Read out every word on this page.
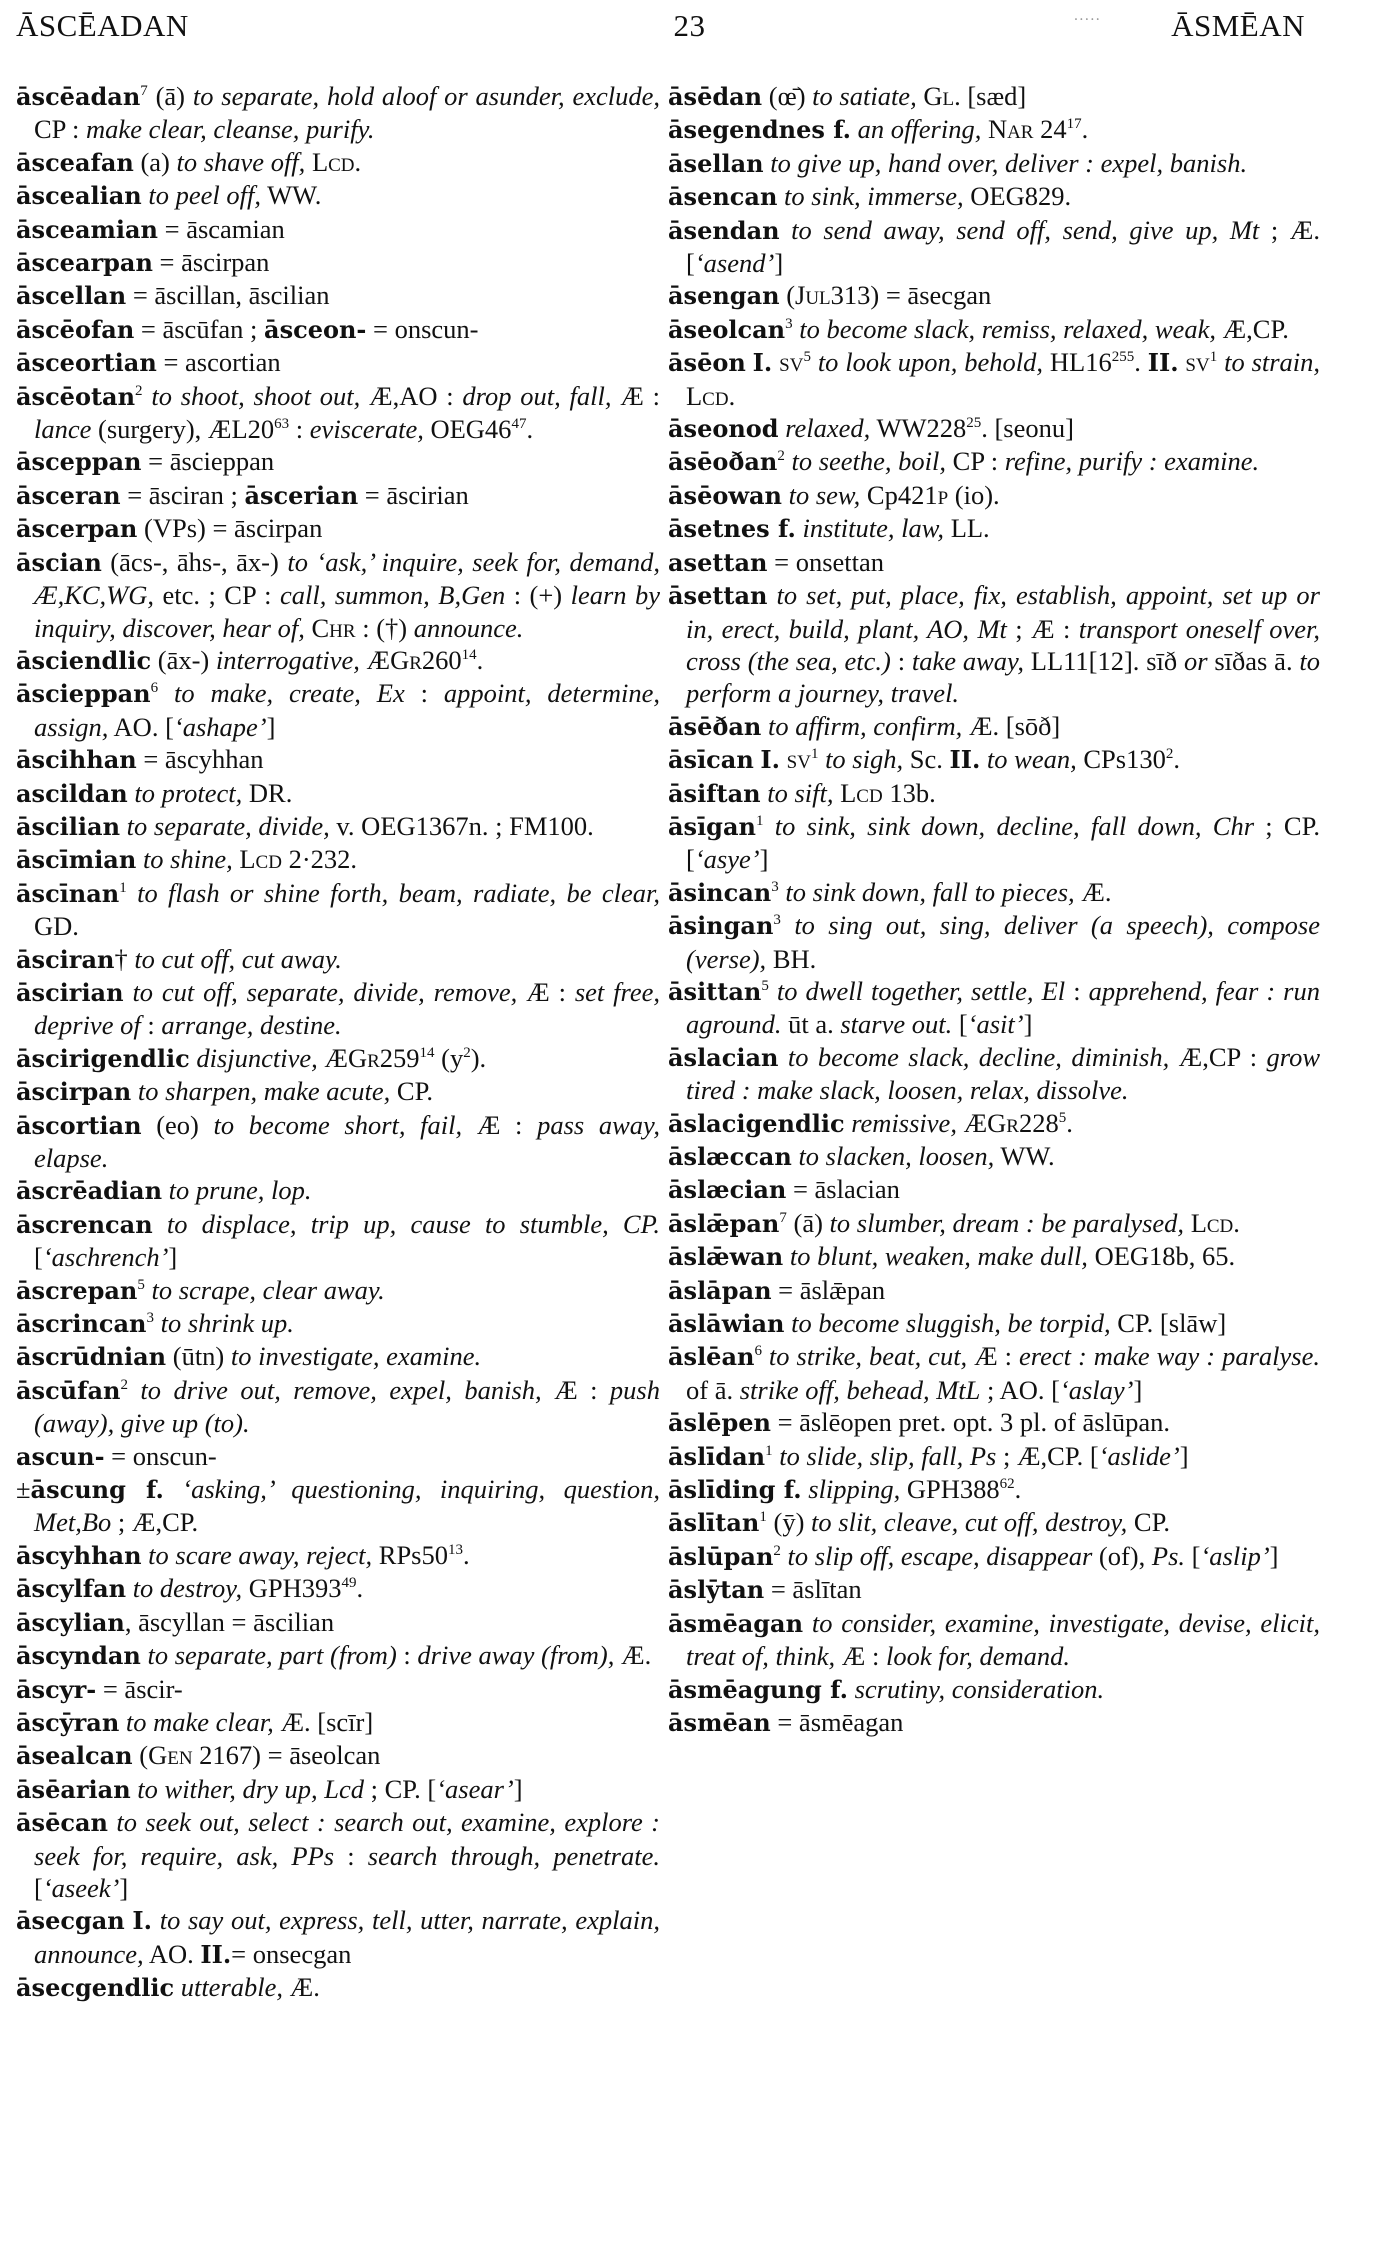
ĀSCĒADAN	23	..... ĀSMĒAN

āscēadan$^7$ (ā) to separate, hold aloof or asunder, exclude, CP : make clear, cleanse, purify.

āsceafan (a) to shave off, Lcd.

āscealian to peel off, WW.

āsceamian = āscamian

āscearpan = āscirpan

āscellan = āscillan, āscilian

āscēofan = āscūfan ; āsceon- = onscun-

āsceortian = ascortian

āscēotan$^2$ to shoot, shoot out, Æ,AO : drop out, fall, Æ : lance (surgery), $ÆL20^{63}$ : eviscerate, $OEG46^{47}$.

āsceppan = āscieppan

āsceran = āsciran ; āscerian = āscirian

āscerpan (VPs) = āscirpan

āscian (ācs-, āhs-, āx-) to ‘ask,’ inquire, seek for, demand, Æ,KC,WG, etc. ; CP : call, summon, B,Gen : (+) learn by inquiry, discover, hear of, Chr : (†) announce.

āsciendlic (āx-) interrogative, $ÆGr260^{14}$.

āscieppan$^6$ to make, create, Ex : appoint, determine, assign, AO. [‘ashape’]

āscihhan = āscyhhan

ascildan to protect, DR.

āscilian to separate, divide, v. OEG1367n. ; FM100.

āscīmian to shine, Lcd 2·232.

āscīnan$^1$ to flash or shine forth, beam, radiate, be clear, GD.

āsciran† to cut off, cut away.

āscirian to cut off, separate, divide, remove, Æ : set free, deprive of : arrange, destine.

āscirigendlic disjunctive, $ÆGr259^{14}$ $(y^2)$.

āscirpan to sharpen, make acute, CP.

āscortian (eo) to become short, fail, Æ : pass away, elapse.

āscrēadian to prune, lop.

āscrencan to displace, trip up, cause to stumble, CP. [‘aschrench’]

āscrepan$^5$ to scrape, clear away.

āscrincan$^3$ to shrink up.

āscrūdnian (ūtn) to investigate, examine.

āscūfan$^2$ to drive out, remove, expel, banish, Æ : push (away), give up (to).

ascun- = onscun-

±āscung f. ‘asking,’ questioning, inquiring, question, Met,Bo ; Æ,CP.

āscyhhan to scare away, reject, $RPs50^{13}$.

āscylfan to destroy, $GPH393^{49}$.

āscylian, āscyllan = āscilian

āscyndan to separate, part (from) : drive away (from), Æ.

āscyr- = āscir-

āscȳran to make clear, Æ. [scīr]

āsealcan (Gen 2167) = āseolcan

āsēarian to wither, dry up, Lcd ; CP. [‘asear’]

āsēcan to seek out, select : search out, examine, explore : seek for, require, ask, PPs : search through, penetrate. [‘aseek’]

āsecgan I. to say out, express, tell, utter, narrate, explain, announce, AO. II.= onsecgan

āsecgendlic utterable, Æ.

āsēdan (œ̄) to satiate, Gl. [sæd]

āsegendnes f. an offering, Nar $24^{17}$.

āsellan to give up, hand over, deliver : expel, banish.

āsencan to sink, immerse, OEG829.

āsendan to send away, send off, send, give up, Mt ; Æ. [‘asend’]

āsengan (Jul313) = āsecgan

āseolcan$^3$ to become slack, remiss, relaxed, weak, Æ,CP.

āsēon I. $sv^5$ to look upon, behold, $HL16^{255}$. II. $sv^1$ to strain, Lcd.

āseonod relaxed, $WW228^{25}$. [seonu]

āsēoðan$^2$ to seethe, boil, CP : refine, purify : examine.

āsēowan to sew, Cp421p (io).

āsetnes f. institute, law, LL.

asettan = onsettan

āsettan to set, put, place, fix, establish, appoint, set up or in, erect, build, plant, AO, Mt ; Æ : transport oneself over, cross (the sea, etc.) : take away, LL11[12]. sīð or sīðas ā. to perform a journey, travel.

āsēðan to affirm, confirm, Æ. [sōð]

āsīcan I. $sv^1$ to sigh, Sc. II. to wean, $CPs130^2$.

āsiftan to sift, Lcd 13b.

āsīgan$^1$ to sink, sink down, decline, fall down, Chr ; CP. [‘asye’]

āsincan$^3$ to sink down, fall to pieces, Æ.

āsingan$^3$ to sing out, sing, deliver (a speech), compose (verse), BH.

āsittan$^5$ to dwell together, settle, El : apprehend, fear : run aground. ūt a. starve out. [‘asit’]

āslacian to become slack, decline, diminish, Æ,CP : grow tired : make slack, loosen, relax, dissolve.

āslacigendlic remissive, $ÆGr228^5$.

āslæccan to slacken, loosen, WW.

āslæcian = āslacian

āslǣpan$^7$ (ā) to slumber, dream : be paralysed, Lcd.

āslǣwan to blunt, weaken, make dull, OEG18b, 65.

āslāpan = āslǣpan

āslāwian to become sluggish, be torpid, CP. [slāw]

āslēan$^6$ to strike, beat, cut, Æ : erect : make way : paralyse. of ā. strike off, behead, MtL ; AO. [‘aslay’]

āslēpen = āslēopen pret. opt. 3 pl. of āslūpan.

āslīdan$^1$ to slide, slip, fall, Ps ; Æ,CP. [‘aslide’]

āslīding f. slipping, $GPH388^{62}$.

āslītan$^1$ (ȳ) to slit, cleave, cut off, destroy, CP.

āslūpan$^2$ to slip off, escape, disappear (of), Ps. [‘aslip’]

āslȳtan = āslītan

āsmēagan to consider, examine, investigate, devise, elicit, treat of, think, Æ : look for, demand.

āsmēagung f. scrutiny, consideration.

āsmēan = āsmēagan
